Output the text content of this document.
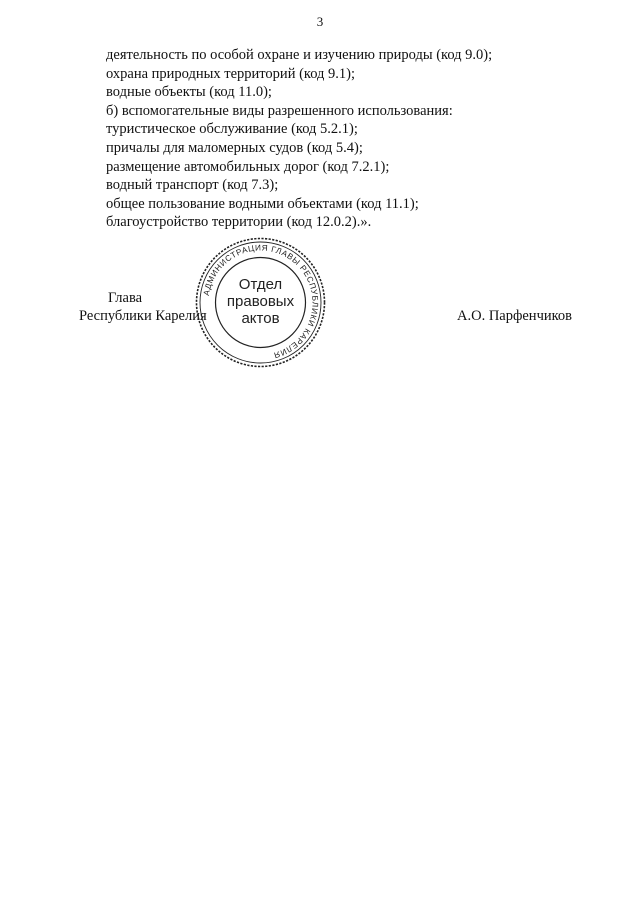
3
деятельность по особой охране и изучению природы (код 9.0);
охрана природных территорий (код 9.1);
водные объекты (код 11.0);
б) вспомогательные виды разрешенного использования:
туристическое обслуживание (код 5.2.1);
причалы для маломерных судов (код 5.4);
размещение автомобильных дорог (код 7.2.1);
водный транспорт (код 7.3);
общее пользование водными объектами (код 11.1);
благоустройство территории (код 12.0.2).».
Глава
Республики Карелия	А.О. Парфенчиков
АДМИНИСТРАЦИЯ ГЛАВЫ РЕСПУБЛИКИ КАРЕЛИЯ
Отдел
правовых
актов
